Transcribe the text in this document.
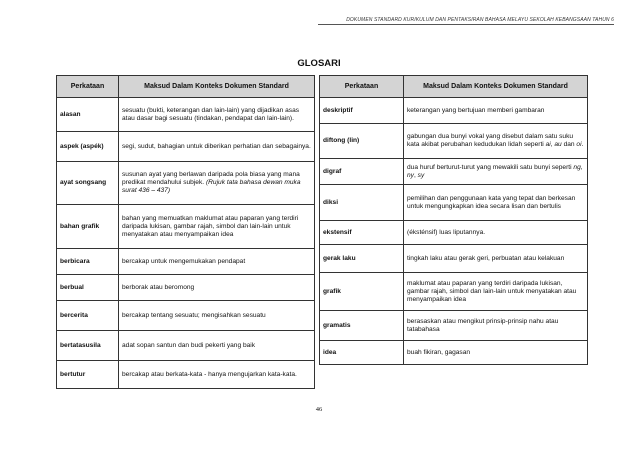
DOKUMEN STANDARD KURIKULUM DAN PENTAKSIRAN BAHASA MELAYU SEKOLAH KEBANGSAAN TAHUN 6
GLOSARI
Perkataan	Maksud Dalam Konteks Dokumen Standard
alasan	sesuatu (bukti, keterangan dan lain-lain) yang dijadikan asas atau dasar bagi sesuatu (tindakan, pendapat dan lain-lain).
aspek (aspék)	segi, sudut, bahagian untuk diberikan perhatian dan sebagainya.
ayat songsang	susunan ayat yang berlawan daripada pola biasa yang mana predikat mendahului subjek. (Rujuk tata bahasa dewan muka surat 436 – 437)
bahan grafik	bahan yang memuatkan maklumat atau paparan yang terdiri daripada lukisan, gambar rajah, simbol dan lain-lain untuk menyatakan atau menyampaikan idea
berbicara	bercakap untuk mengemukakan pendapat
berbual	berborak atau beromong
bercerita	bercakap tentang sesuatu; mengisahkan sesuatu
bertatasusila	adat sopan santun dan budi pekerti yang baik
bertutur	bercakap atau berkata-kata - hanya mengujarkan kata-kata.
Perkataan	Maksud Dalam Konteks Dokumen Standard
deskriptif	keterangan yang bertujuan memberi gambaran
diftong (lin)	gabungan dua bunyi vokal yang disebut dalam satu suku kata akibat perubahan kedudukan lidah seperti ai, au dan oi.
digraf	dua huruf berturut-turut yang mewakili satu bunyi seperti ng, ny, sy
diksi	pemilihan dan penggunaan kata yang tepat dan berkesan untuk mengungkapkan idea secara lisan dan bertulis
ekstensif	(éksténsif) luas liputannya.
gerak laku	tingkah laku atau gerak geri, perbuatan atau kelakuan
grafik	maklumat atau paparan yang terdiri daripada lukisan, gambar rajah, simbol dan lain-lain untuk menyatakan atau menyampaikan idea
gramatis	berasaskan atau mengikut prinsip-prinsip nahu atau tatabahasa
idea	buah fikiran, gagasan
46
